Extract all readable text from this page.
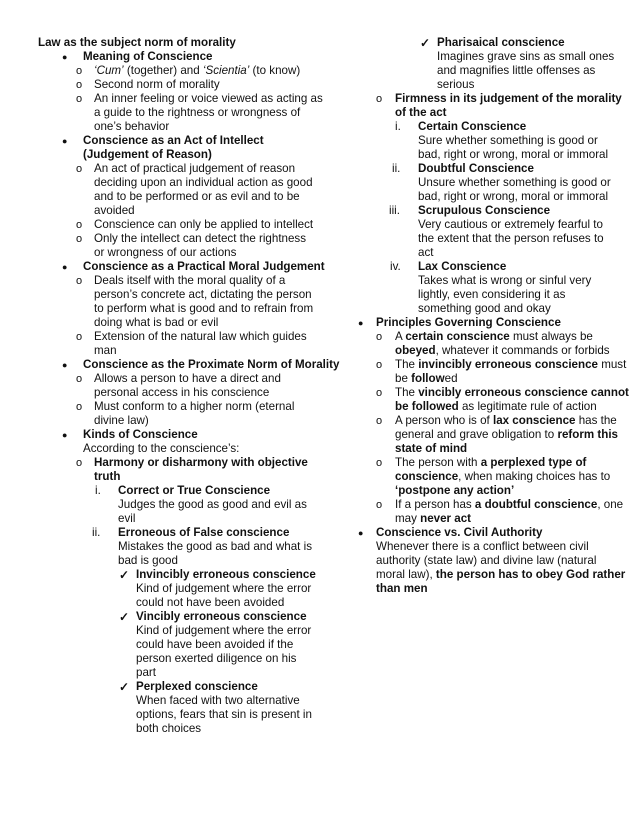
Law as the subject norm of morality
● Meaning of Conscience
o ‘Cum’ (together) and ‘Scientia’ (to know)
o Second norm of morality
o An inner feeling or voice viewed as acting as
a guide to the rightness or wrongness of
one’s behavior
● Conscience as an Act of Intellect
(Judgement of Reason)
o An act of practical judgement of reason
deciding upon an individual action as good
and to be performed or as evil and to be
avoided
o Conscience can only be applied to intellect
o Only the intellect can detect the rightness
or wrongness of our actions
● Conscience as a Practical Moral Judgement
o Deals itself with the moral quality of a
person’s concrete act, dictating the person
to perform what is good and to refrain from
doing what is bad or evil
o Extension of the natural law which guides
man
● Conscience as the Proximate Norm of Morality
o Allows a person to have a direct and
personal access in his conscience
o Must conform to a higher norm (eternal
divine law)
● Kinds of Conscience
According to the conscience’s:
o Harmony or disharmony with objective
truth
i. Correct or True Conscience
Judges the good as good and evil as
evil
ii. Erroneous of False conscience
Mistakes the good as bad and what is
bad is good
✓ Invincibly erroneous conscience
Kind of judgement where the error
could not have been avoided
✓ Vincibly erroneous conscience
Kind of judgement where the error
could have been avoided if the
person exerted diligence on his
part
✓ Perplexed conscience
When faced with two alternative
options, fears that sin is present in
both choices
✓ Pharisaical conscience
Imagines grave sins as small ones
and magnifies little offenses as
serious
o Firmness in its judgement of the morality
of the act
i. Certain Conscience
Sure whether something is good or
bad, right or wrong, moral or immoral
ii. Doubtful Conscience
Unsure whether something is good or
bad, right or wrong, moral or immoral
iii. Scrupulous Conscience
Very cautious or extremely fearful to
the extent that the person refuses to
act
iv. Lax Conscience
Takes what is wrong or sinful very
lightly, even considering it as
something good and okay
● Principles Governing Conscience
o A certain conscience must always be
obeyed, whatever it commands or forbids
o The invincibly erroneous conscience must
be followed
o The vincibly erroneous conscience cannot
be followed as legitimate rule of action
o A person who is of lax conscience has the
general and grave obligation to reform this
state of mind
o The person with a perplexed type of
conscience, when making choices has to
‘postpone any action’
o If a person has a doubtful conscience, one
may never act
● Conscience vs. Civil Authority
Whenever there is a conflict between civil
authority (state law) and divine law (natural
moral law), the person has to obey God rather
than men
